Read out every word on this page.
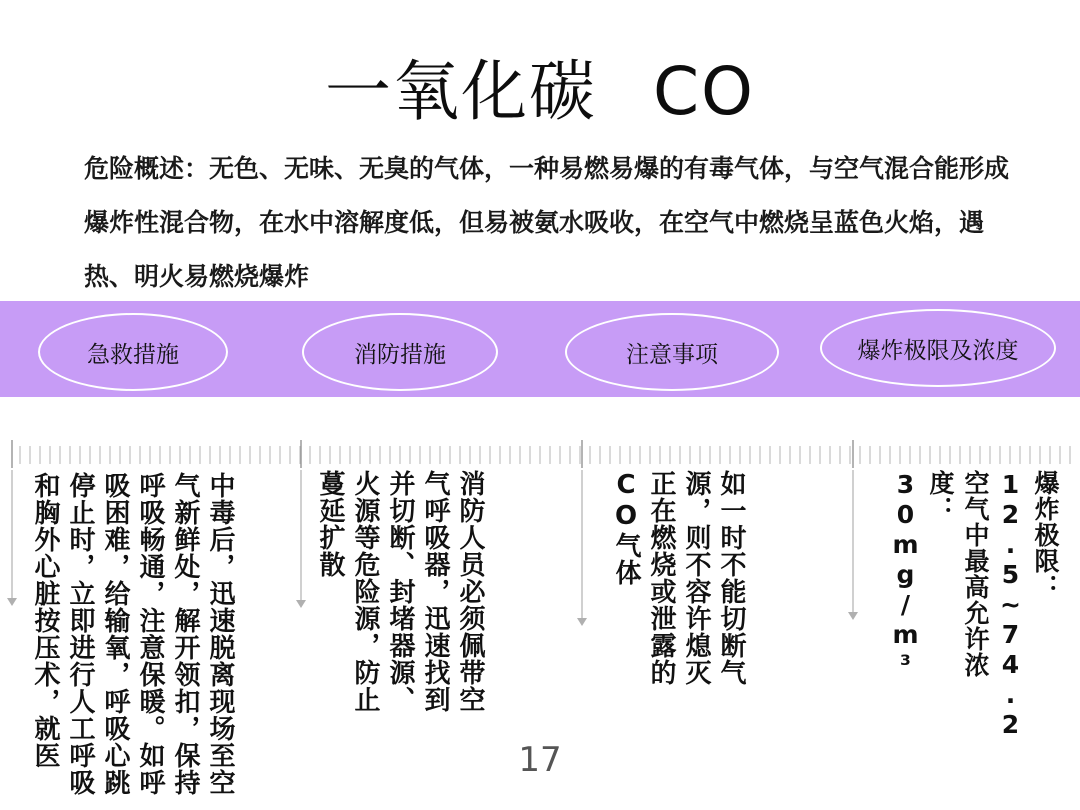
一氧化碳 CO
危险概述：无色、无味、无臭的气体，一种易燃易爆的有毒气体，与空气混合能形成爆炸性混合物，在水中溶解度低，但易被氨水吸收，在空气中燃烧呈蓝色火焰，遇热、明火易燃烧爆炸
急救措施	消防措施	注意事项	爆炸极限及浓度
中毒后，迅速脱离现场至空气新鲜处，解开领扣，保持呼吸畅通，注意保暖。如呼吸困难，给输氧，呼吸心跳停止时，立即进行人工呼吸和胸外心脏按压术，就医	消防人员必须佩带空气呼吸器，迅速找到并切断、封堵器源、火源等危险源，防止蔓延扩散	如一时不能切断气源，则不容许熄灭正在燃烧或泄露的CO气体	爆炸极限：12.5~74.2 空气中最高允许浓度：30mg/m³
17
